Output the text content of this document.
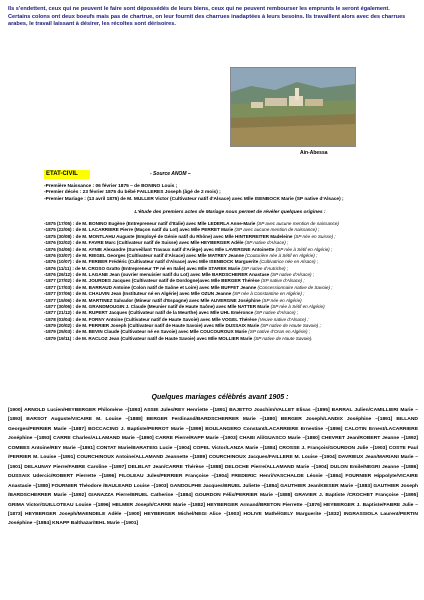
Ils s'endettent, ceux qui ne peuvent le faire sont dépossédés de leurs biens, ceux qui ne peuvent rembourser les emprunts le seront également.

Certains colons ont deux boeufs mais pas de chartrue, on leur fournit des charrues inadaptées à leurs besoins. Ils travaillent alors avec des charrues arabes, le travail laissant à désirer, les récoltes sont dérisoires.

Ain-Abessa
ETAT-CIVIL	- Source ANOM –
-Première Naissance : 06 février 1875 – de BONINO Louis ;
-Premier décès : 23 février 1875 du bébé FAILLERES Joseph (âgé de 2 mois) ;
-Premier Mariage : (13 avril 1875) de M. MULLER Victor (Cultivateur natif d'Alsace) avec Mlle ISENBOCK Marie (SP native d'Alsace) ;
L'étude des premiers actes de Mariage nous permet de révéler quelques origines :
-1875 (17/05) : de M. BONINO Eugène (Entrepreneur natif d'Italie) avec Mlle LEDERLA Anne-Marie (SP avec aucune mention de naissance)
-1875 (22/06) : de M. LACARRIERE Pierre (Maçon natif du Lot) avec Mlle PERRET Marie (SP avec aucune mention de naissance) ;
-1875 (30/08) : de M. MONTLAHU Auguste (Employé de Génie natif du Rhône) avec Mlle HINTERREITER Madeleine (SP née en Suisse) ;
-1876 (02/02) : de M. FAVRE Marc (Cultivateur natif de Suisse) avec Mlle HEYBERGER Adèle (SP native d'Alsace) ;
-1876 (04/06) : de M. AYNIE Alexandre (Surveillant Travaux natif d'Ariège) avec Mlle LAVERGNE Antoinette (SP née à Sétif en Algérie) ;
-1876 (03/07) : de M. RIEGEL Georges (Cultivateur natif d'Alsace) avec Mlle MATREY Jeanne (Couturière née à Sétif en Algérie) ;
-1876 (10/07) : de M. FERBER Frédéric (Cultivateur natif d'Alsace) avec Mlle ISENBOCK Marguerite (Cultivatrice née en Alsace) ;
-1876 (11/11) : de M. CROSO Gratto (Entrepreneur TP né en Italie) avec Mlle STAREK Marie (SP native d'Autriche) ;
-1876 (26/12) : de M. LAGANE Jean (ouvrier menuisier natif du Lot) avec Mlle BARDSCHERER Anastase (SP native d'Alsace) ;
-1877 (27/02) : de M. JOURDES Jacques (Cultivateur natif de Dordogne)avec Mlle BERGER Thérèse (SP native d'Alsace) ;
-1877 (17/03) : de M. BARRAUD Antoine (Colon natif de Saône et Loire) avec Mlle BUFFET Jeanne (Concessionnaire native de Savoie) ;
-1877 (07/06) : de M. CHAUVIN Jean (Instituteur né en Algérie) avec Mlle OZUN Jeanne (SP née à Constantine en Algérie) ;
-1877 (15/06) : de M. MARTINEZ Salvador (Mineur natif d'Espagne) avec Mlle AUVERGNE Joséphine (SP née en Algérie)
-1877 (30/06) : de M. GRANDMOUGIN J. Claude (Meunier natif de Haute Saône) avec Mlle NATTER Marie (SP née à Sétif en Algérie)
-1877 (21/12) : de M. RUPERT Jacques (Cultivateur natif de la Meurthe) avec Mlle UHL Eméronce (SP native d'Alsace) ;
-1878 (03/04) : de M. FORNY Antoine (Cultivateur natif de Haute Savoie) avec Mlle VOGEL Thérèse (Veuve native d'Alsace) ;
-1879 (20/02) : de M. PERRIER Joseph (Cultivateur natif de Haute Savoie) avec Mlle DUSSAIX Marie (SP native de Haute Savoie) ;
-1879 (25/03) : de M. BEVIN Claude (Cultivateur né en Savoie) avec Mlle COUCOUROUX Marie (SP native d'Oran en Algérie) ;
-1879 (19/11) : de M. RACLOZ Jean (Cultivateur natif de Haute Savoie) avec Mlle MOLLIER Marie (SP native de Haute Savoie).
Quelques mariages célèbrés avant 1905 :
[1900] ARNOLD Lucien/HEYBERGER Philomène –[1893] ASSIE Jules/REY Henriette –[1891] BAJETTO Joachim/VALLET Elisas –[1895] BARRAL Julien/CAMILLIERI Marie –[1893] BARSOT Auguste/VICAIRE M. Louise –[1888] BERGER Ferdinand/BARDSCHERRER Marie –[1880] BERGER Joseph/LANDIX Joséphine –[1891] BILLAND Georges/PERRIER Marie –[1887] BOCCACINO J. Baptiste/PERROT Marie –[1899] BOULANGERO Constant/LACARRIERE Ernestine –[1896] CALOTIN Ernest/LACARRIERE Joséphine –[1893] CARRE Charles/ALLAMAND Marie –[1890] CARRE Pierre/RAPP Marie –[1903] CHABI Ali/GUASCO Marie –[1880] CHEVRET Jean/ROBERT Jeanne –[1892] COMBES Antoine/REY Marie –[1891] CONTAT Marie/BARATEIG Lucie –[1904] COPEL Victor/LANZA Marie –[1884] CROSSE J. François/GOURDON Julie –[1903] COSTE Paul /PERRIER M. Louise –[1891] COURCHINOUX Antoine/ALLAMAND Jeannette –[1889] COURCHINOUX Jacques/FAILLERE M. Louise –[1904] DAVRIEUX Jean/MARIANI Marie –[1901] DELAUNAY Pierre/FABRE Caroline –[1897] DELBLAT Jean/CARRE Thérèse –[1888] DELOCHE Pierre/ALLAMAND Marie –[1904] DULON Emile/NEGRI Jeanne –[1886] DUSSAIX Udercic/ROBERT Pierrette –[1896] FILOLEAU Jules/PERRIER Françoise –[1904] FREDERIC Henri/VASCHALDE Léonie –[1884] FOURNIER Hippolyte/VICAIRE Anastasie –[1880] FOURNIER Théodore /BAULEARD Louise –[1903] GANDOLPHE Jacques/BRUEL Juliette –[1884] GAUTHIER Jean/KIESER Marie –[1883] GAUTHIER Joseph /BARDSCHERRER Marie –[1892] GIANAZZA Pierre/BRUEL Catherine –[1884] GOURDON Félix/PERRIER Marie –[1888] GRAVIER J. Baptiste /CROCHET Françoise –[1895] GRIMA Victor/GUILLOTEAU Louise –[1896] HELMER Joseph/CARRE Marie –[1882] HEYBERGER Armand/BRETON Pierrette –[1876] HEYBERGER J. Baptiste/FABRE Julie –[1873] HEYBERGER Joseph/MAENDELE Adèle –[1900] HEYBERGER Michel/NEGI Alice –[1903] HOLIVE Mathé/GELY Marguerite –[1832] INGRASSIOLA Laurent/PERTIN Joséphine –[1884] KNAPP Balthazar/IEHL Marie –[1901]
